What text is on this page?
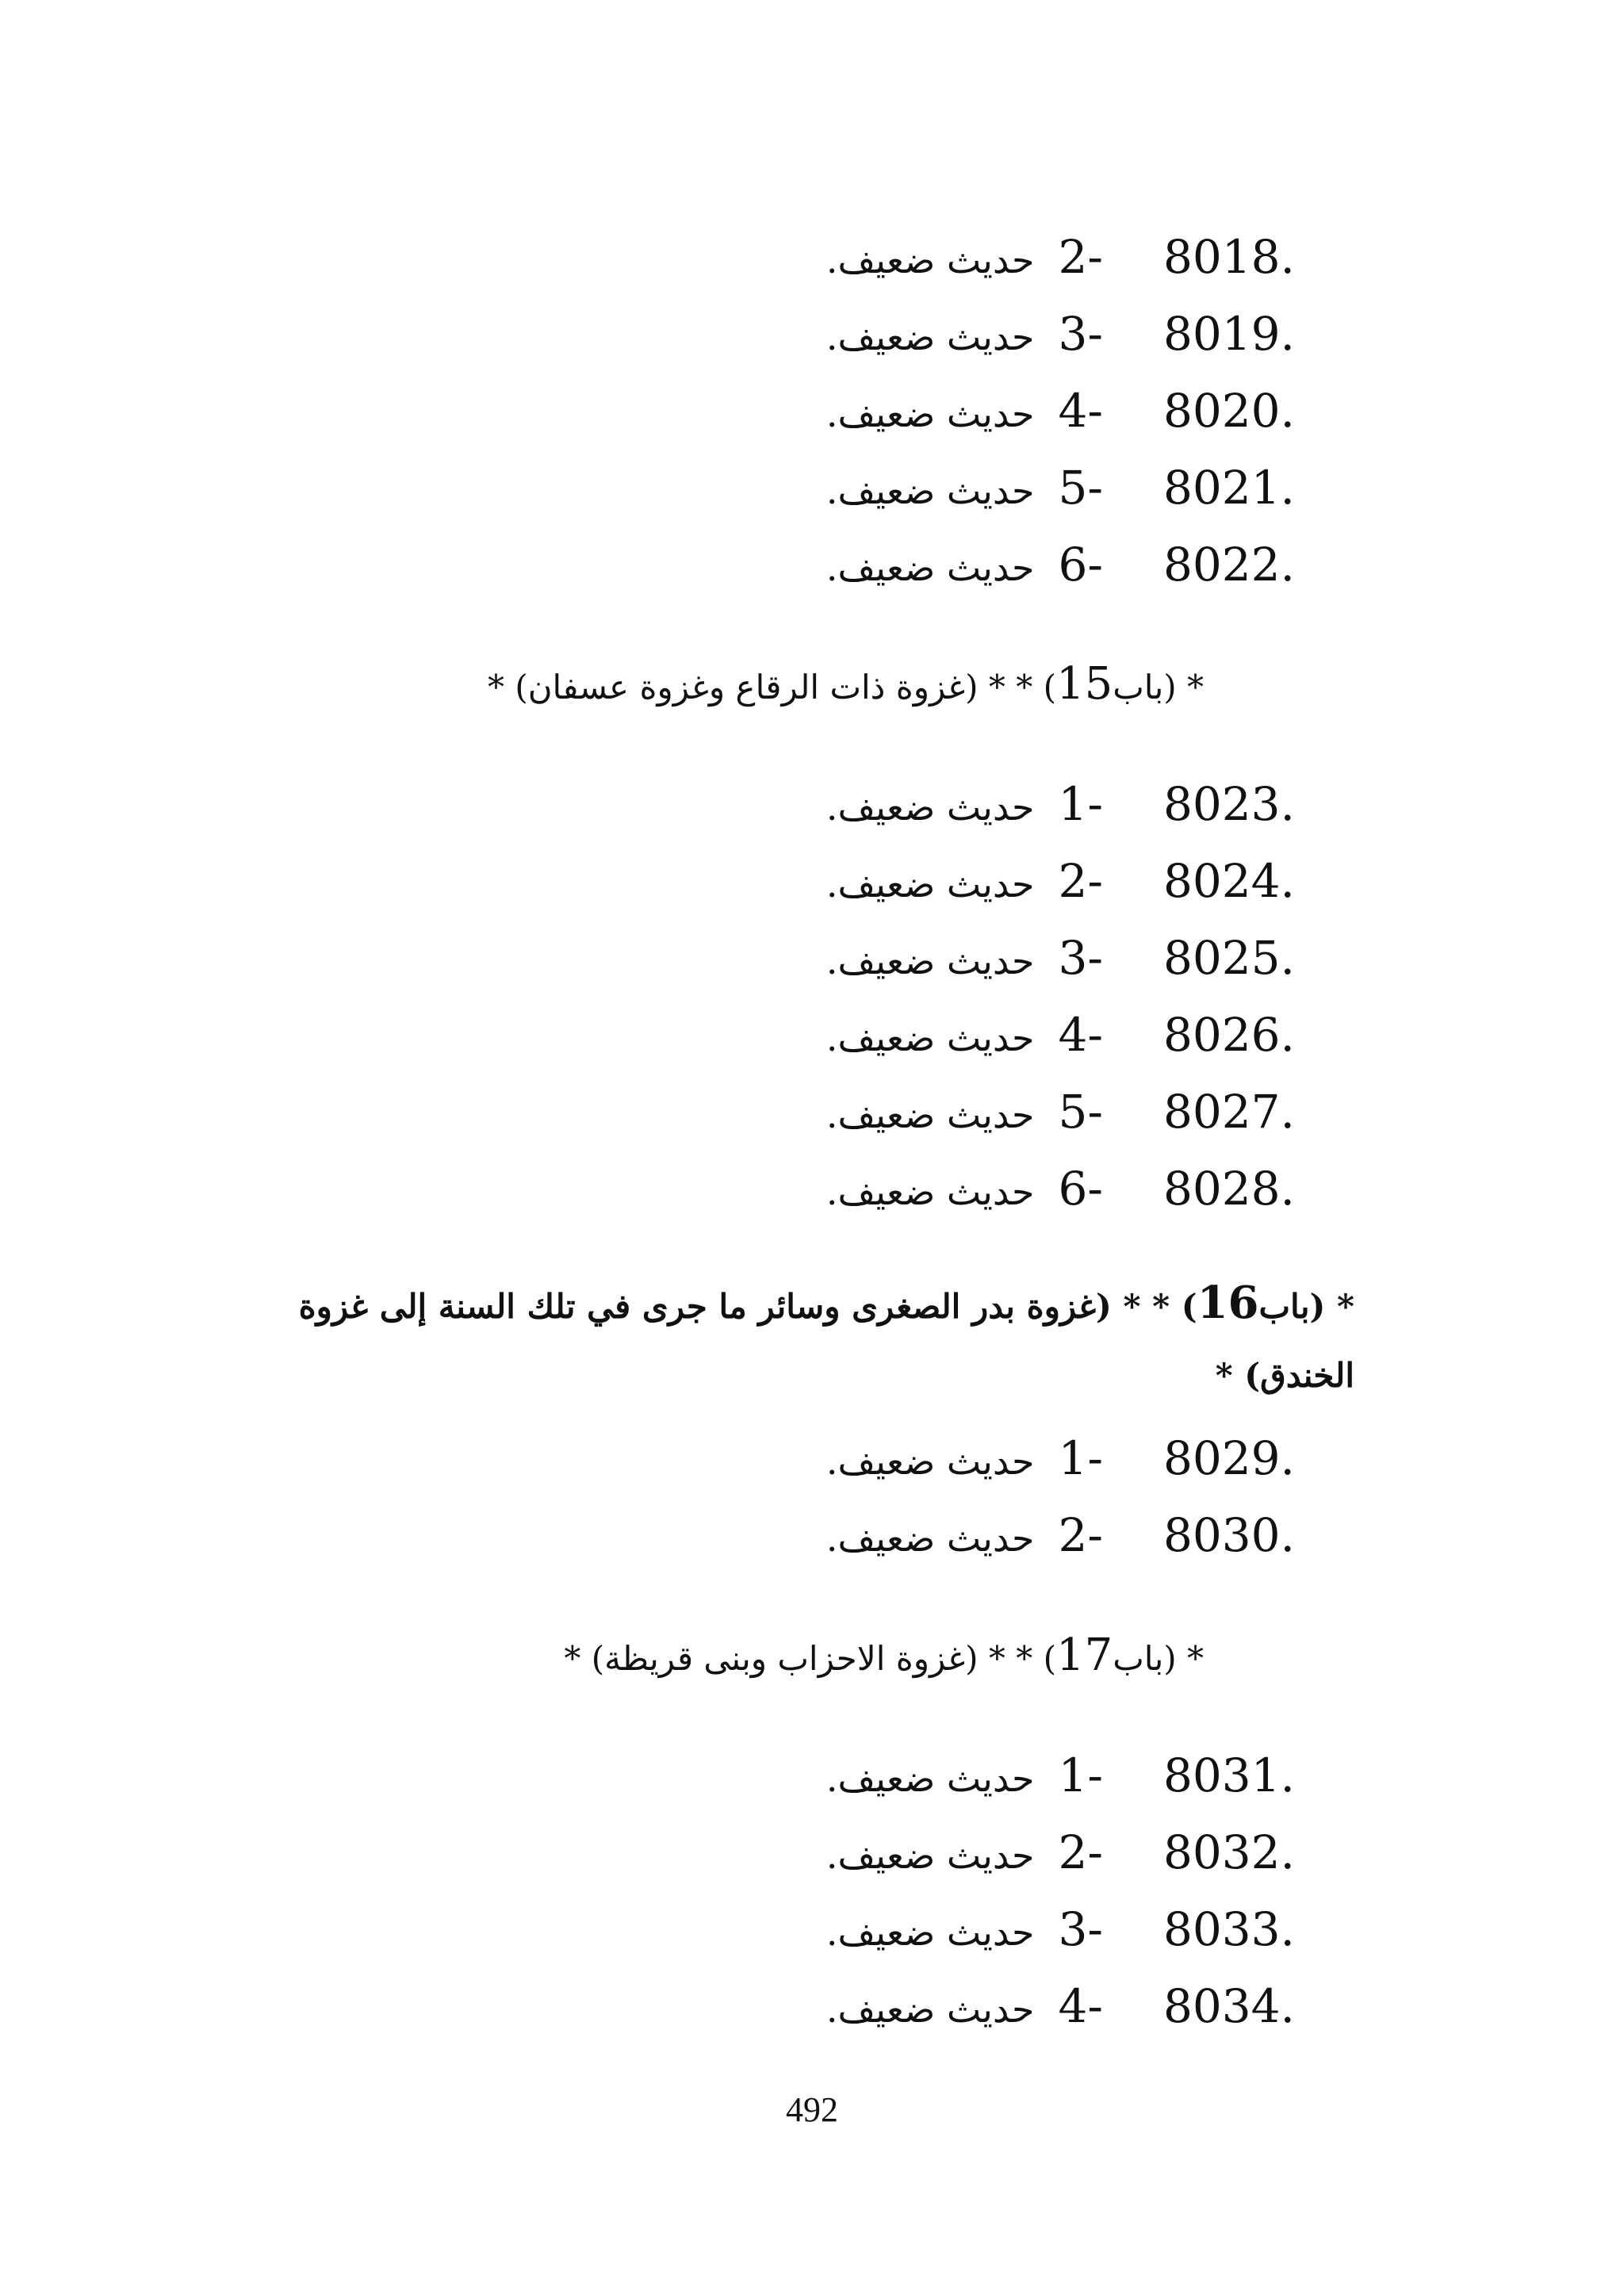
حديث ضعيف. 2- 8018.
حديث ضعيف. 3- 8019.
حديث ضعيف. 4- 8020.
حديث ضعيف. 5- 8021.
حديث ضعيف. 6- 8022.
* (باب15) * * (غزوة ذات الرقاع وغزوة عسفان) *
حديث ضعيف. 1- 8023.
حديث ضعيف. 2- 8024.
حديث ضعيف. 3- 8025.
حديث ضعيف. 4- 8026.
حديث ضعيف. 5- 8027.
حديث ضعيف. 6- 8028.
* (باب16) * * (غزوة بدر الصغرى وسائر ما جرى في تلك السنة إلى غزوة
الخندق) *
حديث ضعيف. 1- 8029.
حديث ضعيف. 2- 8030.
* (باب17) * * (غزوة الاحزاب وبنى قريظة) *
حديث ضعيف. 1- 8031.
حديث ضعيف. 2- 8032.
حديث ضعيف. 3- 8033.
حديث ضعيف. 4- 8034.
492
